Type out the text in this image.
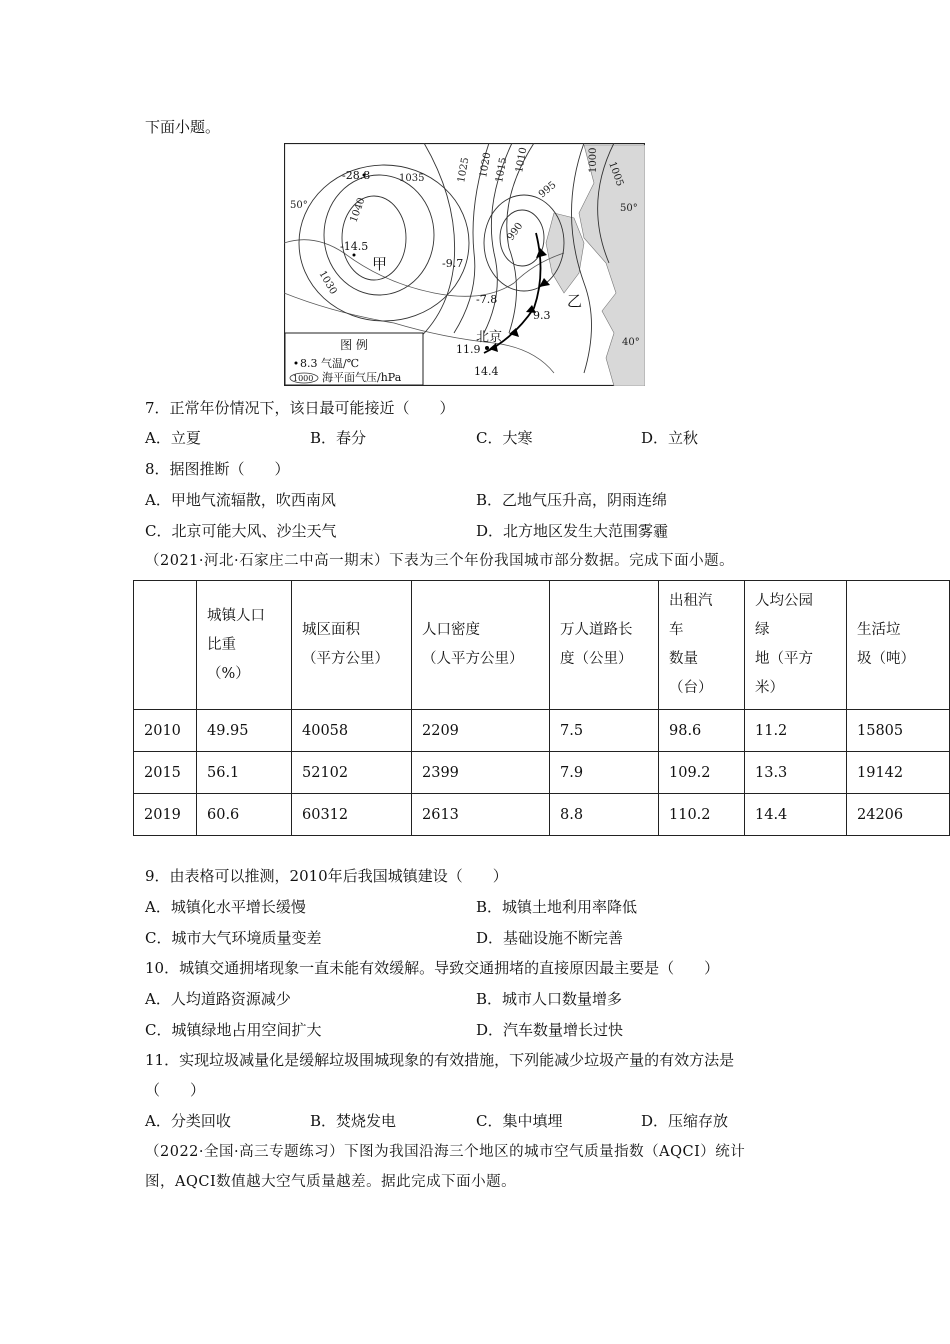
下面小题。
1035
1040
1030
1025 1020 1015 1010
1005
1000
995
990
50°	50°
40°
-28.8
-14.5
-9.7
-7.8
9.3
11.9
14.4
甲
乙
北京
图 例
8.3 气温/℃
1000 海平面气压/hPa
7．正常年份情况下，该日最可能接近（　　）
A．立夏	B．春分	C．大寒	D．立秋
8．据图推断（　　）
A．甲地气流辐散，吹西南风	B．乙地气压升高，阴雨连绵
C．北京可能大风、沙尘天气	D．北方地区发生大范围雾霾
（2021·河北·石家庄二中高一期末）下表为三个年份我国城市部分数据。完成下面小题。
	城镇人口
比重
（%）	城区面积
（平方公里）	人口密度
（人平方公里）	万人道路长
度（公里）	出租汽
车
数量
（台）	人均公园
绿
地（平方
米）	生活垃
圾（吨）
2010	49.95	40058	2209	7.5	98.6	11.2	15805
2015	56.1	52102	2399	7.9	109.2	13.3	19142
2019	60.6	60312	2613	8.8	110.2	14.4	24206
9．由表格可以推测，2010年后我国城镇建设（　　）
A．城镇化水平增长缓慢	B．城镇土地利用率降低
C．城市大气环境质量变差	D．基础设施不断完善
10．城镇交通拥堵现象一直未能有效缓解。导致交通拥堵的直接原因最主要是（　　）
A．人均道路资源减少	B．城市人口数量增多
C．城镇绿地占用空间扩大	D．汽车数量增长过快
11．实现垃圾减量化是缓解垃圾围城现象的有效措施，下列能减少垃圾产量的有效方法是
（　　）
A．分类回收	B．焚烧发电	C．集中填埋	D．压缩存放
（2022·全国·高三专题练习）下图为我国沿海三个地区的城市空气质量指数（AQCI）统计
图，AQCI数值越大空气质量越差。据此完成下面小题。
